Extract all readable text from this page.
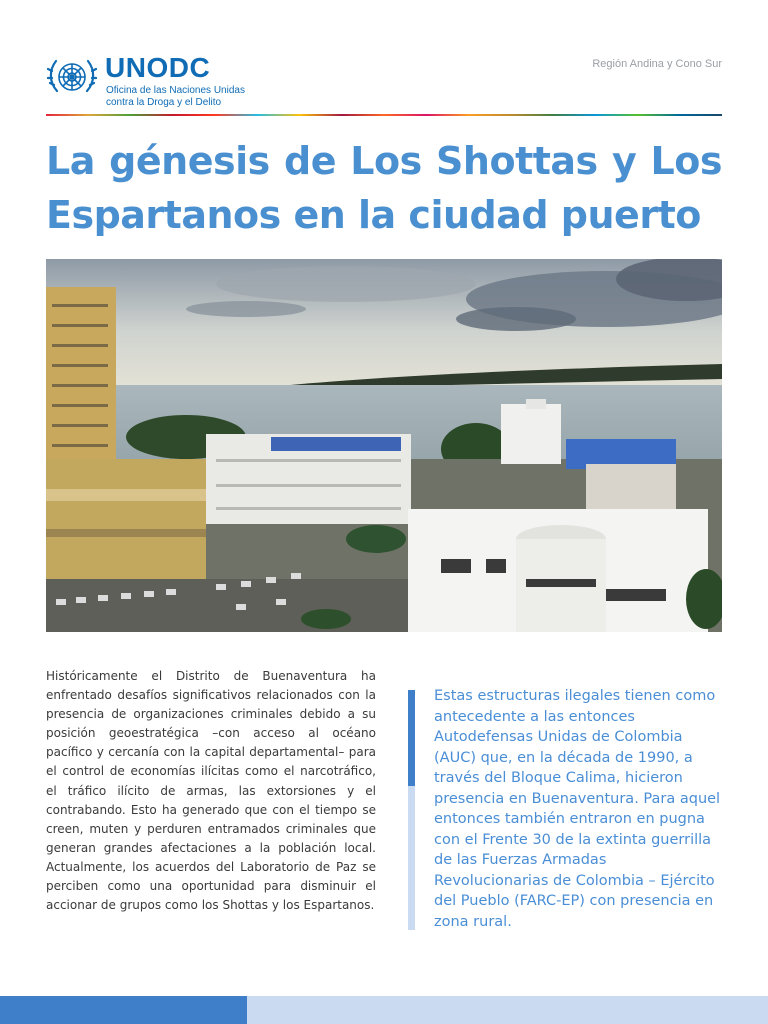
UNODC
Oficina de las Naciones Unidas
contra la Droga y el Delito
Región Andina y Cono Sur
La génesis de Los Shottas y Los Espartanos en la ciudad puerto

Históricamente el Distrito de Buenaventura ha enfrentado desafíos significativos relacionados con la presencia de organizaciones criminales debido a su posición geoestratégica –con acceso al océano pacífico y cercanía con la capital departamental– para el control de economías ilícitas como el narcotráfico, el tráfico ilícito de armas, las extorsiones y el contrabando. Esto ha generado que con el tiempo se creen, muten y perduren entramados criminales que generan grandes afectaciones a la población local. Actualmente, los acuerdos del Laboratorio de Paz se perciben como una oportunidad para disminuir el accionar de grupos como los Shottas y los Espartanos.

Estas estructuras ilegales tienen como antecedente a las entonces Autodefensas Unidas de Colombia (AUC) que, en la década de 1990, a través del Bloque Calima, hicieron presencia en Buenaventura. Para aquel entonces también entraron en pugna con el Frente 30 de la extinta guerrilla de las Fuerzas Armadas Revolucionarias de Colombia – Ejército del Pueblo (FARC-EP) con presencia en zona rural.
